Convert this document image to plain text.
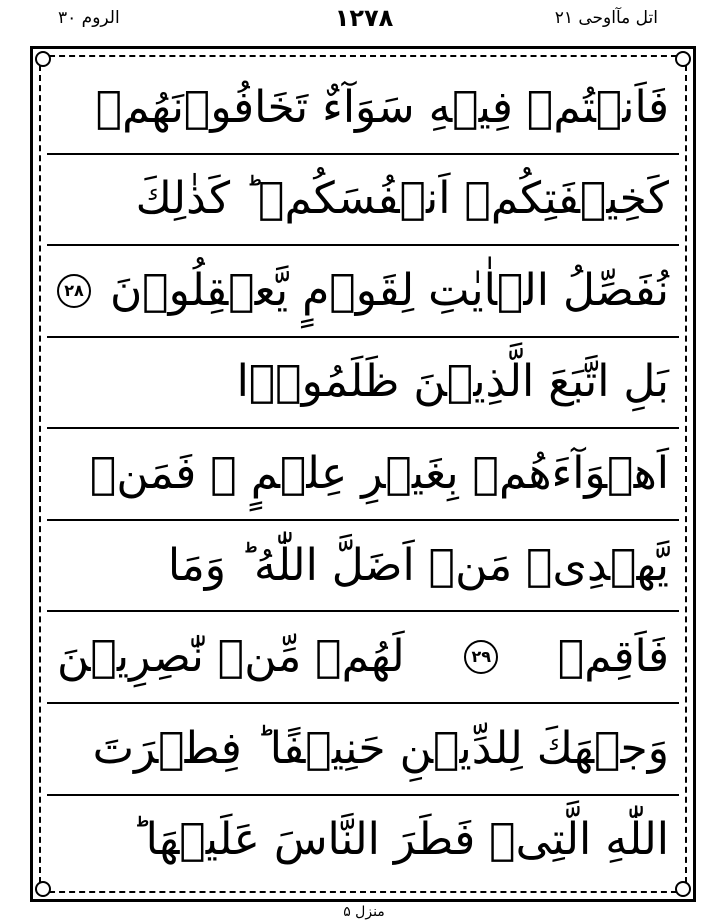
الروم ۳۰	۱۲۷۸	اتل مآاوحی ۲۱
فَاَنۡتُمۡ فِيۡهِ سَوَآءٌ تَخَافُوۡنَهُمۡ
كَخِيۡفَتِكُمۡ اَنۡفُسَكُمۡ ؕ كَذٰلِكَ
نُفَصِّلُ الۡاٰيٰتِ لِقَوۡمٍ يَّعۡقِلُوۡنَ
۲۸
بَلِ اتَّبَعَ الَّذِيۡنَ ظَلَمُوۡۤا
اَهۡوَآءَهُمۡ بِغَيۡرِ عِلۡمٍ ۚ فَمَنۡ
يَّهۡدِىۡ مَنۡ اَضَلَّ اللّٰهُ ؕ وَمَا
فَاَقِمۡ
۲۹
لَهُمۡ مِّنۡ نّٰصِرِيۡنَ
وَجۡهَكَ لِلدِّيۡنِ حَنِيۡفًا ؕ فِطۡرَتَ
اللّٰهِ الَّتِىۡ فَطَرَ النَّاسَ عَلَيۡهَا ؕ
منزل ۵
